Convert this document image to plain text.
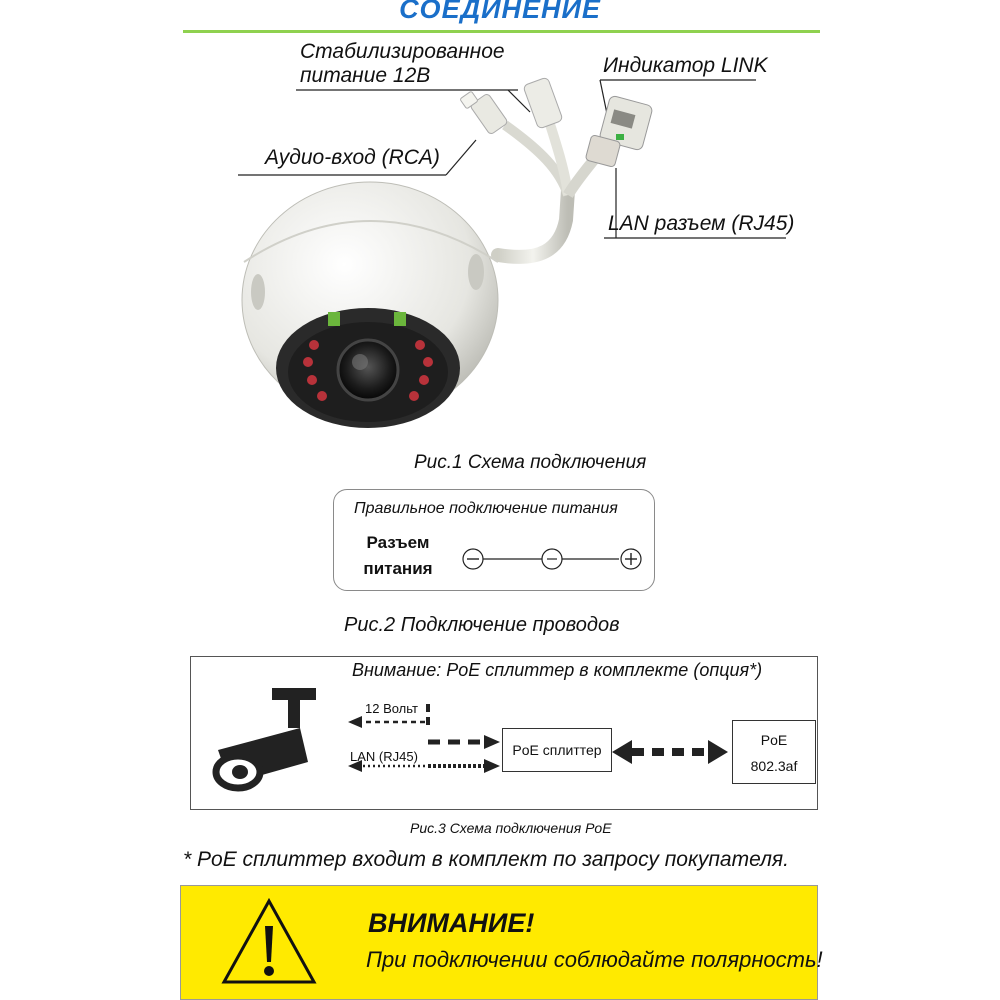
СОЕДИНЕНИЕ
Стабилизированное
питание 12В	Индикатор LINK
Аудио-вход (RCA)
LAN разъем (RJ45)
Рис.1 Схема подключения
Правильное подключение питания
Разъем
питания
Рис.2 Подключение проводов
Внимание: PoE сплиттер в комплекте (опция*)
12 Вольт
LAN (RJ45)	PoE сплиттер
PoE
802.3af
Рис.3 Схема подключения PoE
* PoE сплиттер входит в комплект по запросу покупателя.
ВНИМАНИЕ!
При подключении соблюдайте полярность!
